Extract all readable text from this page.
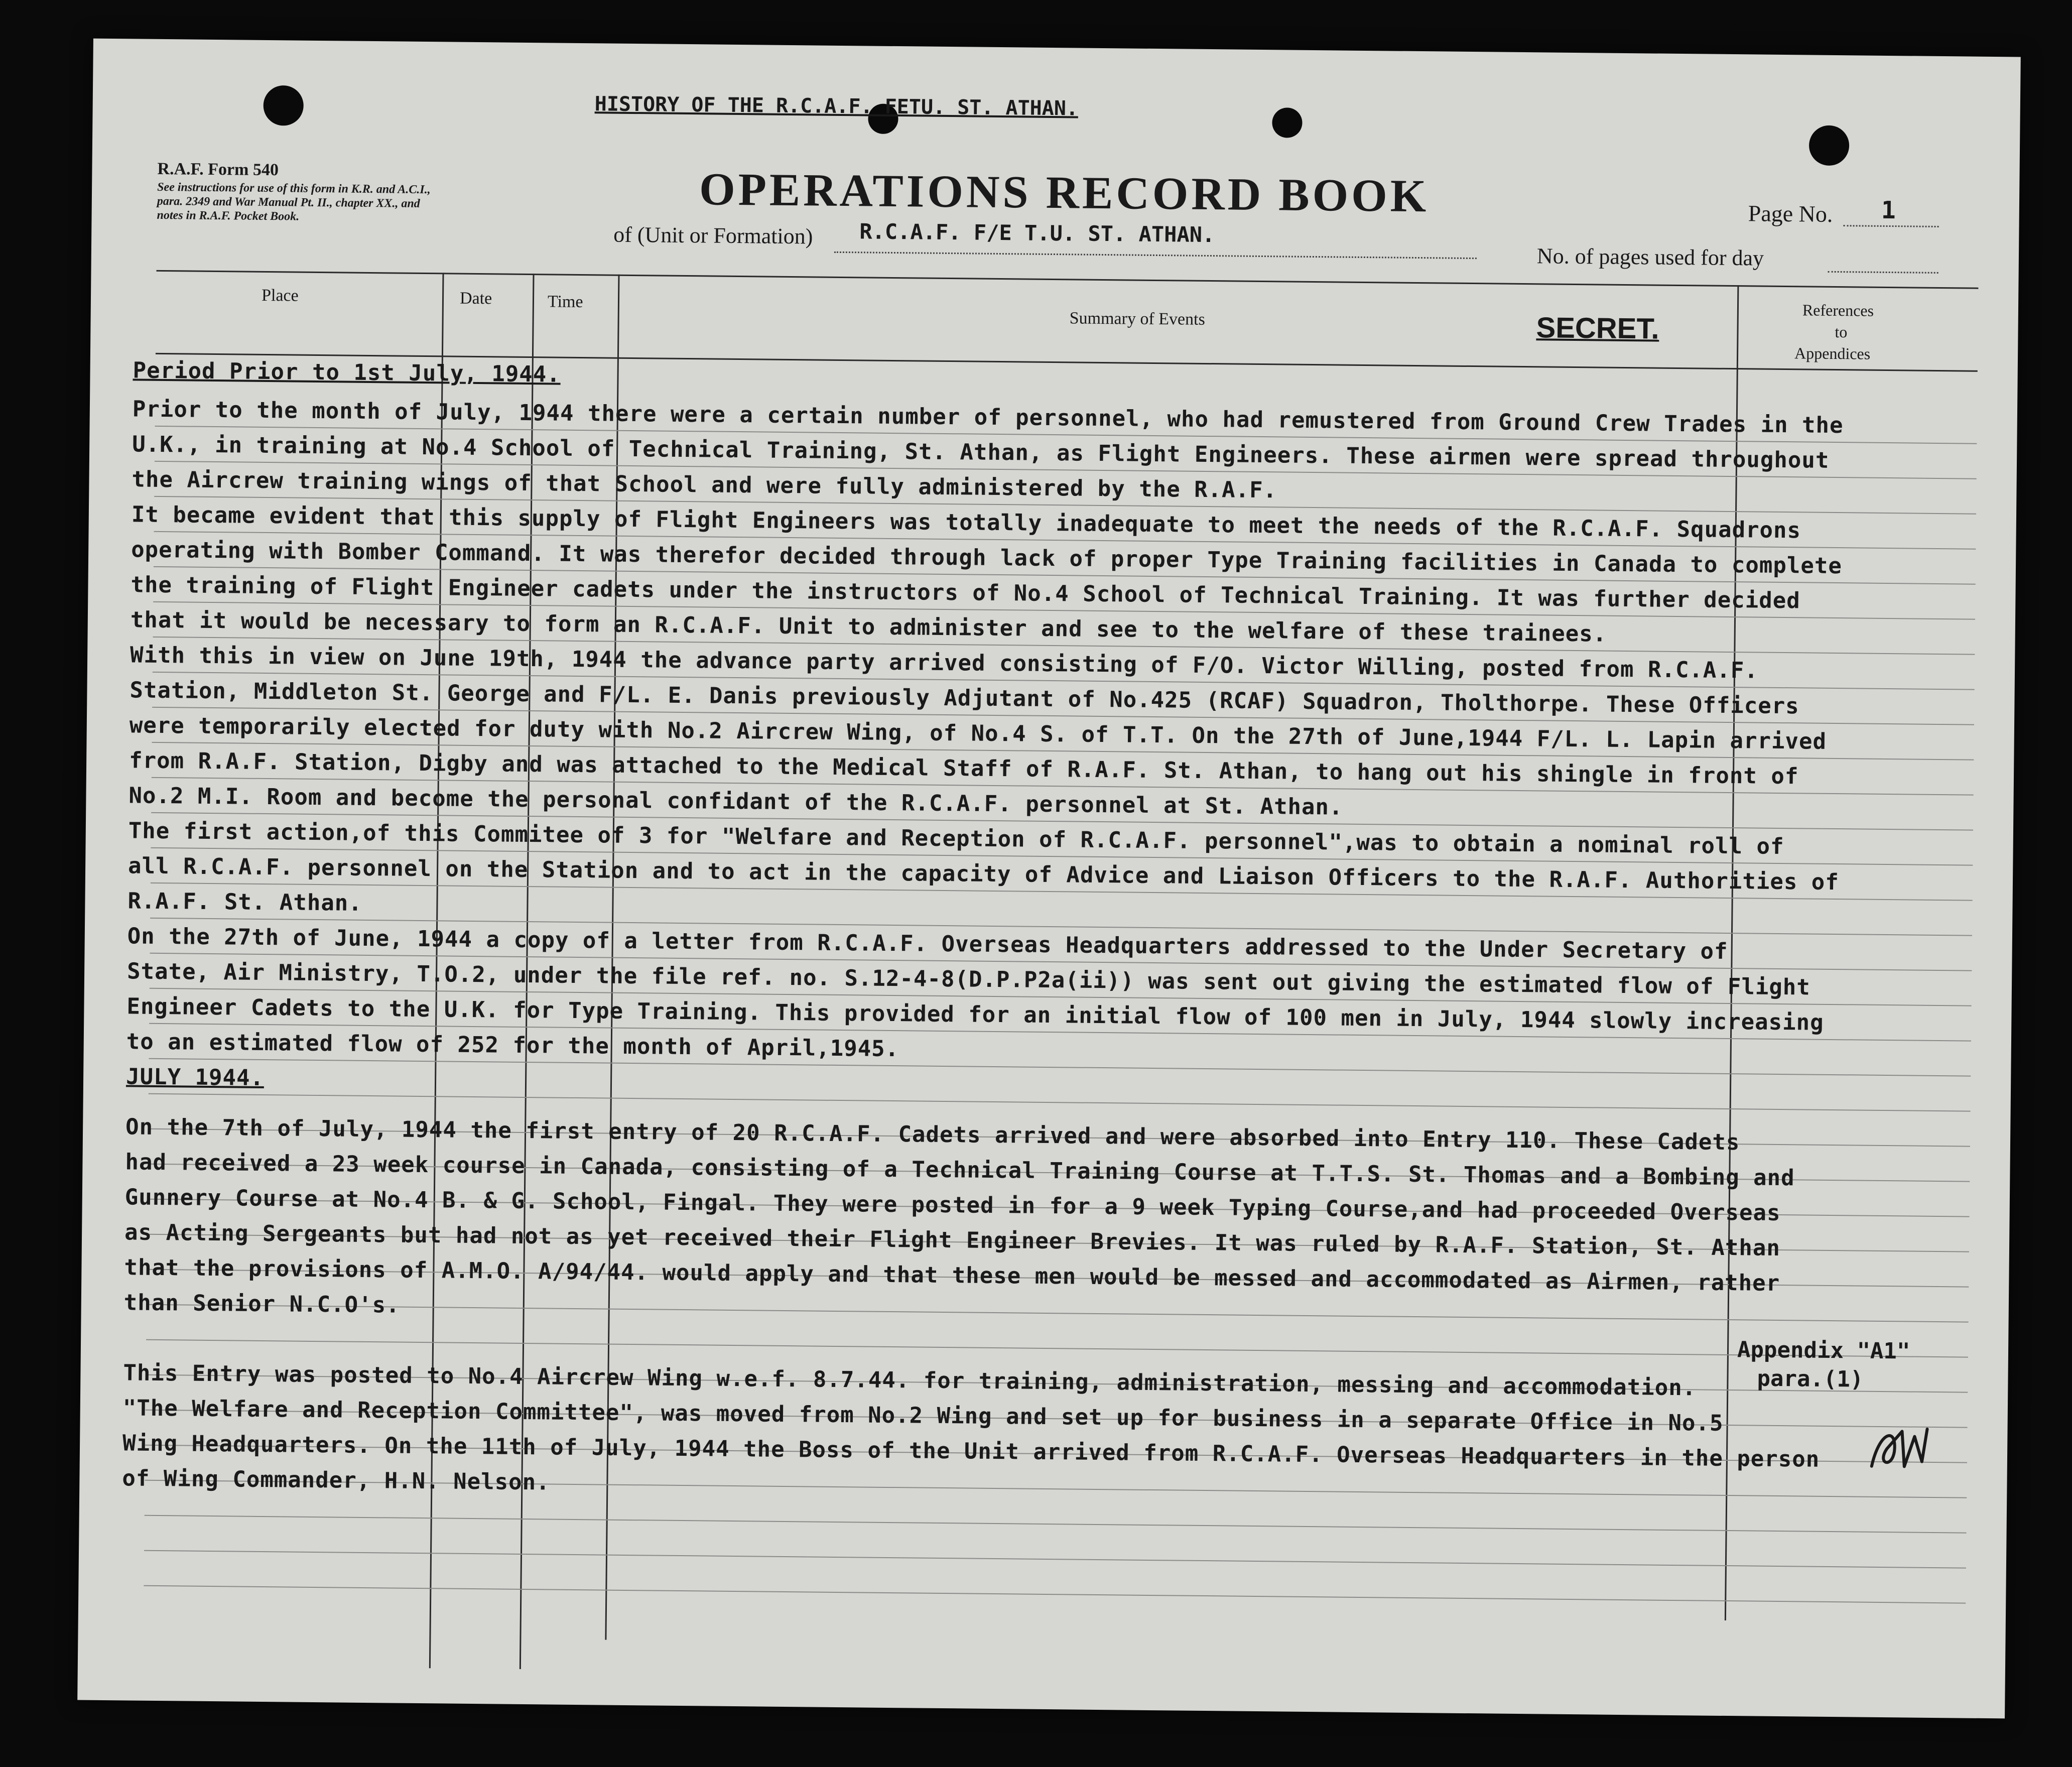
HISTORY OF THE R.C.A.F. FETU. ST. ATHAN.
R.A.F. Form 540
See instructions for use of this form in K.R. and A.C.I.,
para. 2349 and War Manual Pt. II., chapter XX., and
notes in R.A.F. Pocket Book.	OPERATIONS RECORD BOOK	Page No. 1
of (Unit or Formation) R.C.A.F. F/E T.U. ST. ATHAN.
No. of pages used for day
Place	Date	Time
Summary of Events	SECRET.
References
to
Appendices
Period Prior to 1st July, 1944.
Prior to the month of July, 1944 there were a certain number of personnel, who had remustered from Ground Crew Trades in the
U.K., in training at No.4 School of Technical Training, St. Athan, as Flight Engineers. These airmen were spread throughout
the Aircrew training wings of that School and were fully administered by the R.A.F.
It became evident that this supply of Flight Engineers was totally inadequate to meet the needs of the R.C.A.F. Squadrons
operating with Bomber Command. It was therefor decided through lack of proper Type Training facilities in Canada to complete
the training of Flight Engineer cadets under the instructors of No.4 School of Technical Training. It was further decided
that it would be necessary to form an R.C.A.F. Unit to administer and see to the welfare of these trainees.
With this in view on June 19th, 1944 the advance party arrived consisting of F/O. Victor Willing, posted from R.C.A.F.
Station, Middleton St. George and F/L. E. Danis previously Adjutant of No.425 (RCAF) Squadron, Tholthorpe. These Officers
were temporarily elected for duty with No.2 Aircrew Wing, of No.4 S. of T.T. On the 27th of June,1944 F/L. L. Lapin arrived
from R.A.F. Station, Digby and was attached to the Medical Staff of R.A.F. St. Athan, to hang out his shingle in front of
No.2 M.I. Room and become the personal confidant of the R.C.A.F. personnel at St. Athan.
The first action,of this Commitee of 3 for "Welfare and Reception of R.C.A.F. personnel",was to obtain a nominal roll of
all R.C.A.F. personnel on the Station and to act in the capacity of Advice and Liaison Officers to the R.A.F. Authorities of
R.A.F. St. Athan.
On the 27th of June, 1944 a copy of a letter from R.C.A.F. Overseas Headquarters addressed to the Under Secretary of
State, Air Ministry, T.O.2, under the file ref. no. S.12-4-8(D.P.P2a(ii)) was sent out giving the estimated flow of Flight
Engineer Cadets to the U.K. for Type Training. This provided for an initial flow of 100 men in July, 1944 slowly increasing
to an estimated flow of 252 for the month of April,1945.
JULY 1944.
On the 7th of July, 1944 the first entry of 20 R.C.A.F. Cadets arrived and were absorbed into Entry 110. These Cadets
had received a 23 week course in Canada, consisting of a Technical Training Course at T.T.S. St. Thomas and a Bombing and
Gunnery Course at No.4 B. & G. School, Fingal. They were posted in for a 9 week Typing Course,and had proceeded Overseas
as Acting Sergeants but had not as yet received their Flight Engineer Brevies. It was ruled by R.A.F. Station, St. Athan
that the provisions of A.M.O. A/94/44. would apply and that these men would be messed and accommodated as Airmen, rather
than Senior N.C.O's.
This Entry was posted to No.4 Aircrew Wing w.e.f. 8.7.44. for training, administration, messing and accommodation.
"The Welfare and Reception Committee", was moved from No.2 Wing and set up for business in a separate Office in No.5
Wing Headquarters. On the 11th of July, 1944 the Boss of the Unit arrived from R.C.A.F. Overseas Headquarters in the person
of Wing Commander, H.N. Nelson.
Appendix "A1"
para.(1)
